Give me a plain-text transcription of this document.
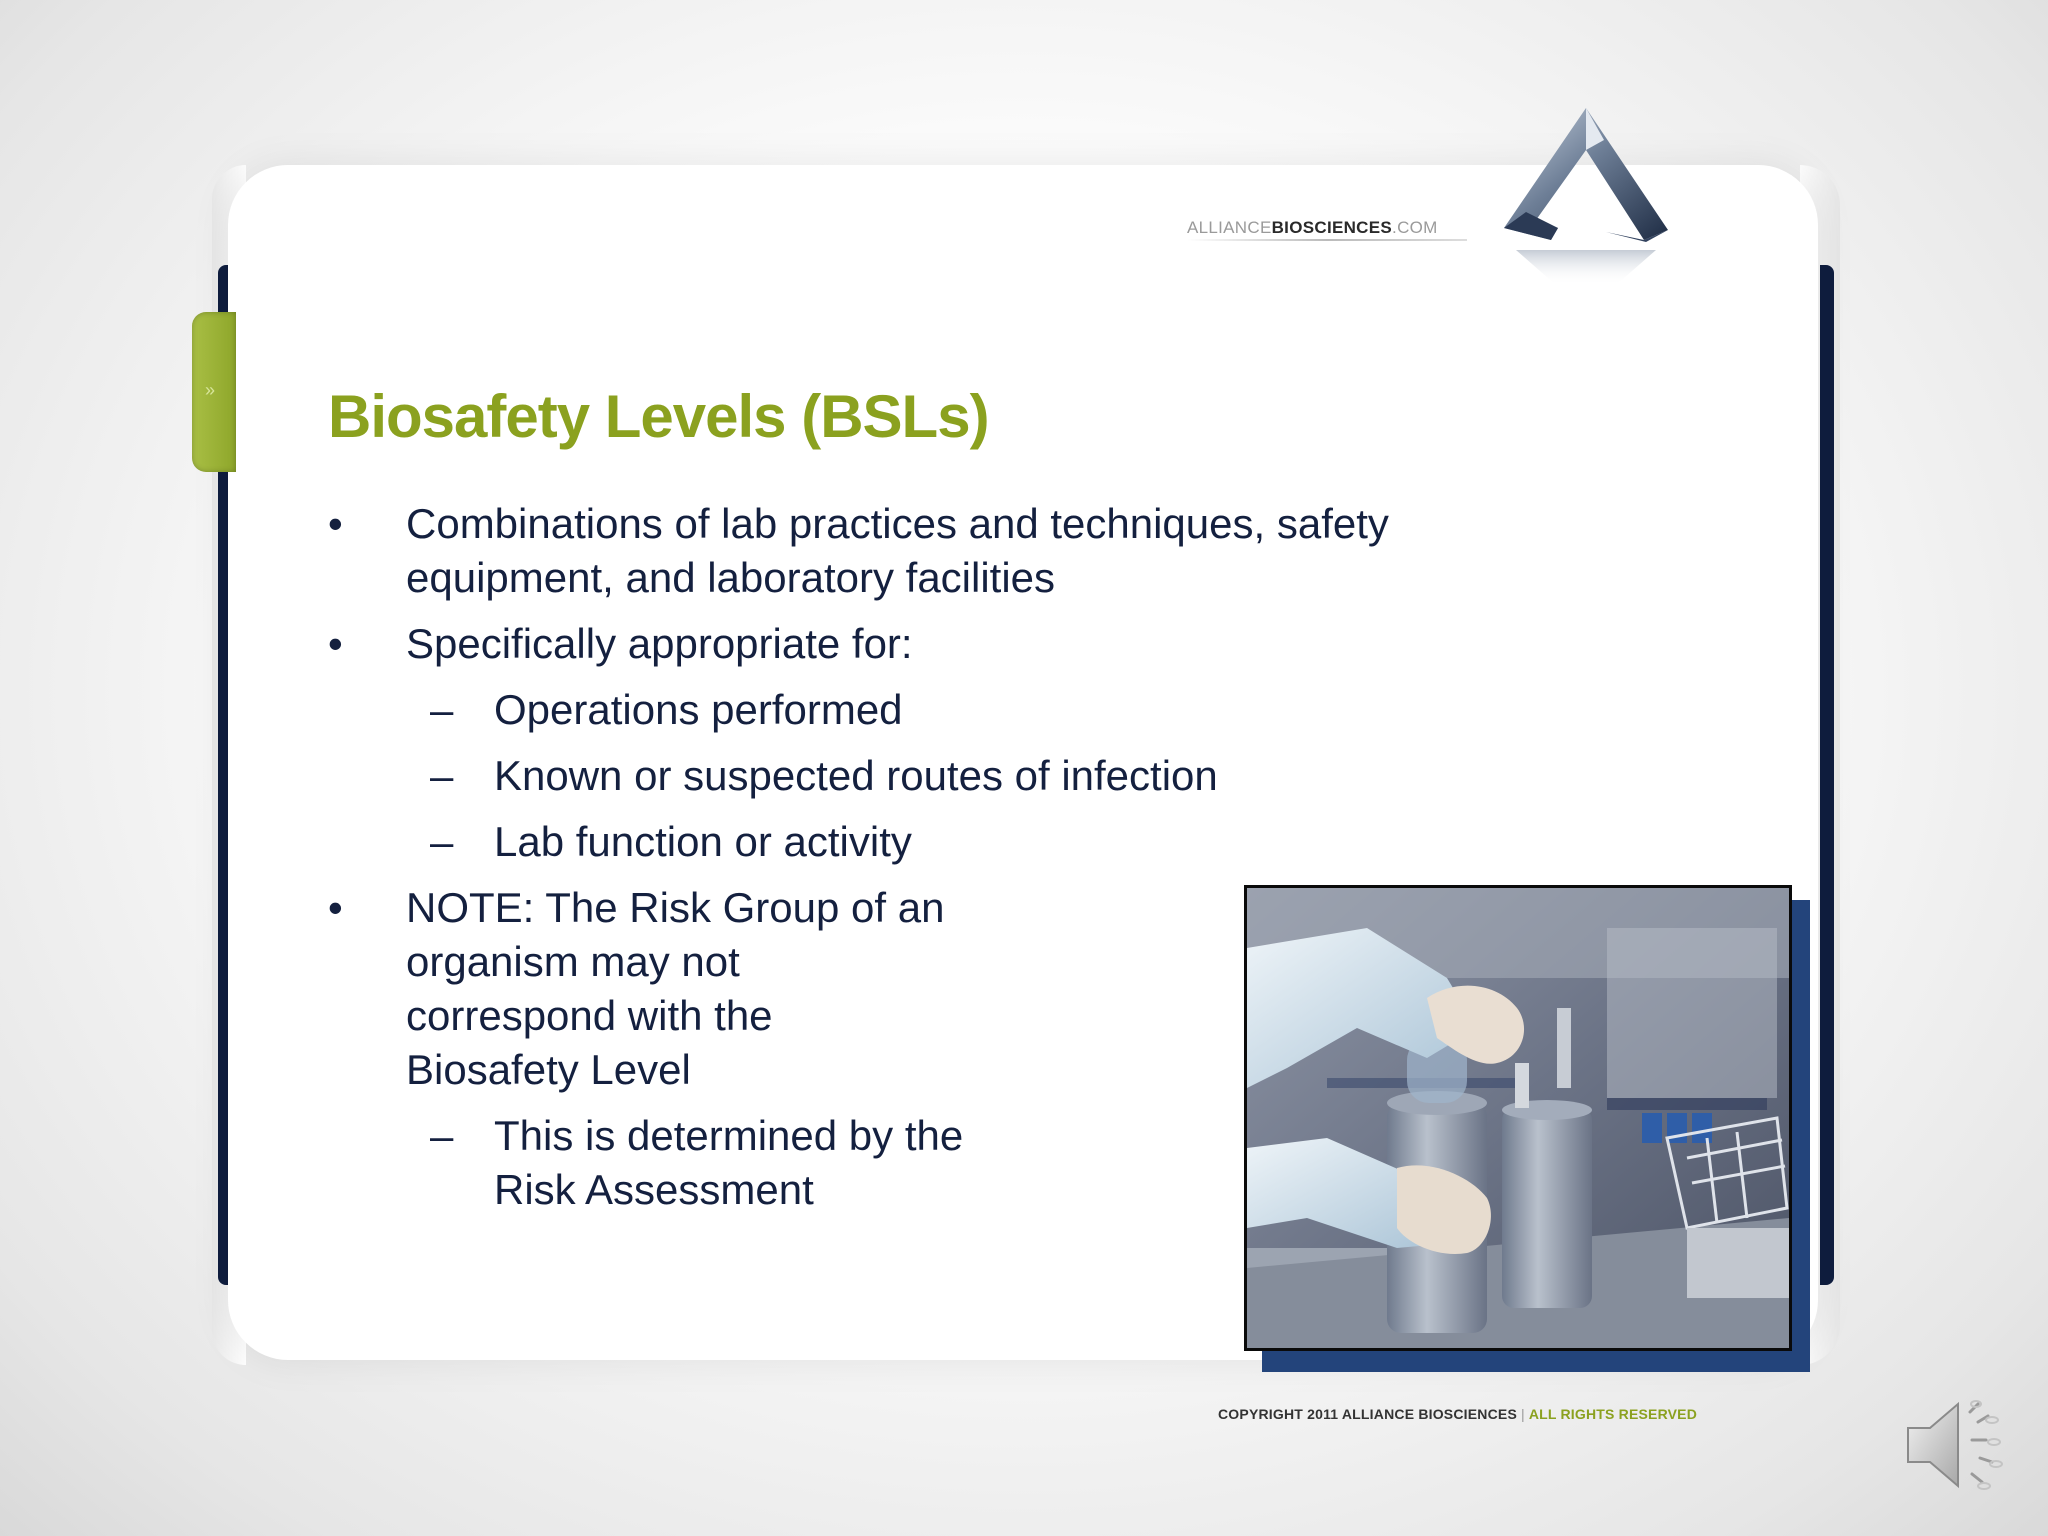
»
ALLIANCEBIOSCIENCES.COM
Biosafety Levels (BSLs)

• Combinations of lab practices and techniques, safety equipment, and laboratory facilities

• Specifically appropriate for:

– Operations performed

– Known or suspected routes of infection

– Lab function or activity

• NOTE: The Risk Group of an organism may not correspond with the Biosafety Level

– This is determined by the Risk Assessment

COPYRIGHT 2011 ALLIANCE BIOSCIENCES | ALL RIGHTS RESERVED
